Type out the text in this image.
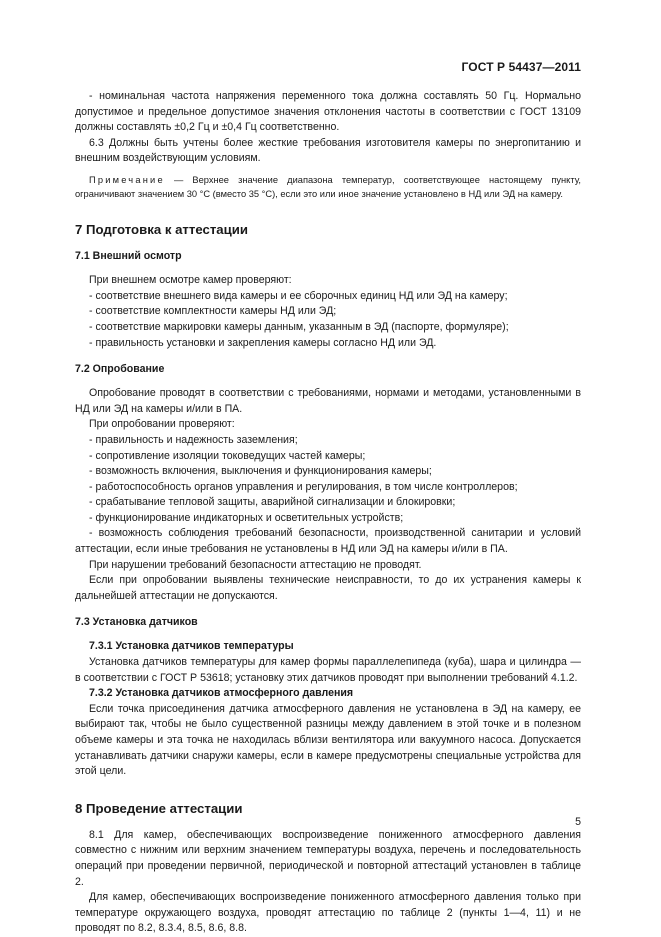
ГОСТ Р 54437—2011

- номинальная частота напряжения переменного тока должна составлять 50 Гц. Нормально допустимое и предельное допустимое значения отклонения частоты в соответствии с ГОСТ 13109 должны составлять ±0,2 Гц и ±0,4 Гц соответственно.

6.3 Должны быть учтены более жесткие требования изготовителя камеры по энергопитанию и внешним воздействующим условиям.

Примечание — Верхнее значение диапазона температур, соответствующее настоящему пункту, ограничивают значением 30 °С (вместо 35 °С), если это или иное значение установлено в НД или ЭД на камеру.

7 Подготовка к аттестации
7.1 Внешний осмотр

При внешнем осмотре камер проверяют:

- соответствие внешнего вида камеры и ее сборочных единиц НД или ЭД на камеру;

- соответствие комплектности камеры НД или ЭД;

- соответствие маркировки камеры данным, указанным в ЭД (паспорте, формуляре);

- правильность установки и закрепления камеры согласно НД или ЭД.

7.2 Опробование

Опробование проводят в соответствии с требованиями, нормами и методами, установленными в НД или ЭД на камеры и/или в ПА.

При опробовании проверяют:

- правильность и надежность заземления;

- сопротивление изоляции токоведущих частей камеры;

- возможность включения, выключения и функционирования камеры;

- работоспособность органов управления и регулирования, в том числе контроллеров;

- срабатывание тепловой защиты, аварийной сигнализации и блокировки;

- функционирование индикаторных и осветительных устройств;

- возможность соблюдения требований безопасности, производственной санитарии и условий аттестации, если иные требования не установлены в НД или ЭД на камеры и/или в ПА.

При нарушении требований безопасности аттестацию не проводят.

Если при опробовании выявлены технические неисправности, то до их устранения камеры к дальнейшей аттестации не допускаются.

7.3 Установка датчиков
7.3.1 Установка датчиков температуры

Установка датчиков температуры для камер формы параллелепипеда (куба), шара и цилиндра — в соответствии с ГОСТ Р 53618; установку этих датчиков проводят при выполнении требований 4.1.2.

7.3.2 Установка датчиков атмосферного давления

Если точка присоединения датчика атмосферного давления не установлена в ЭД на камеру, ее выбирают так, чтобы не было существенной разницы между давлением в этой точке и в полезном объеме камеры и эта точка не находилась вблизи вентилятора или вакуумного насоса. Допускается устанавливать датчики снаружи камеры, если в камере предусмотрены специальные устройства для этой цели.

8 Проведение аттестации

8.1 Для камер, обеспечивающих воспроизведение пониженного атмосферного давления совместно с нижним или верхним значением температуры воздуха, перечень и последовательность операций при проведении первичной, периодической и повторной аттестаций установлен в таблице 2.

Для камер, обеспечивающих воспроизведение пониженного атмосферного давления только при температуре окружающего воздуха, проводят аттестацию по таблице 2 (пункты 1—4, 11) и не проводят по 8.2, 8.3.4, 8.5, 8.6, 8.8.

5
